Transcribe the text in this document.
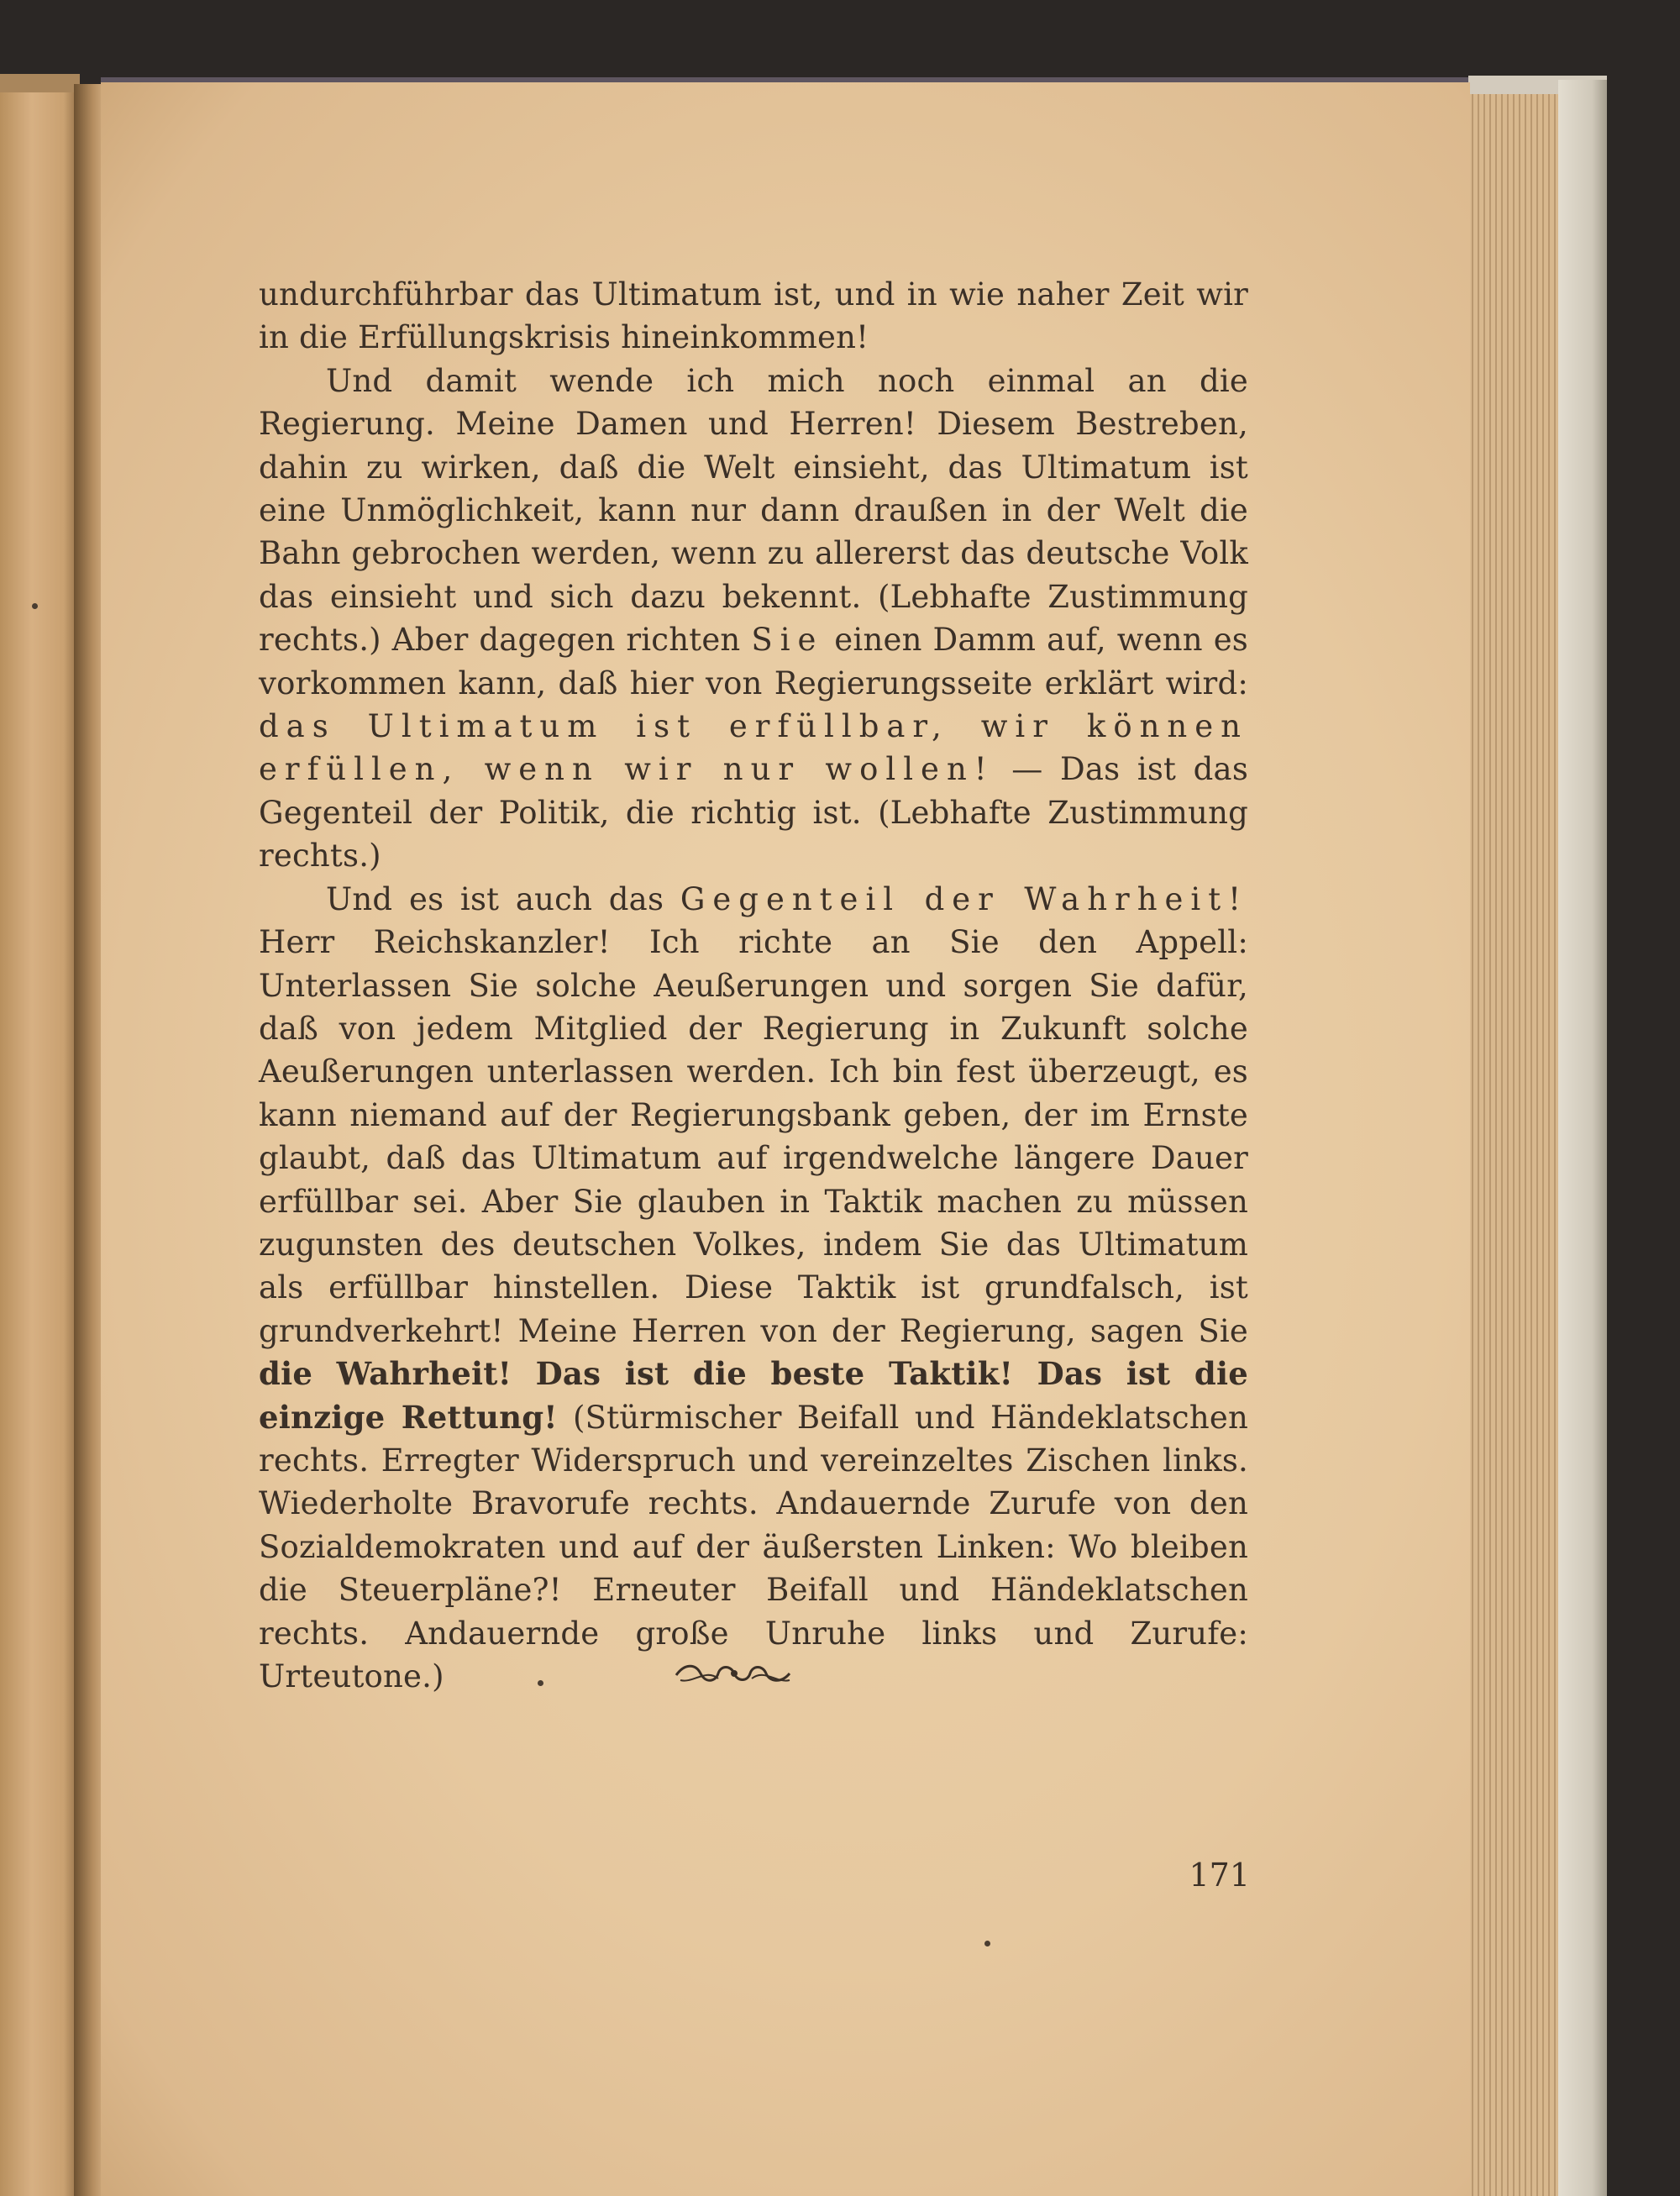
undurchführbar das Ultimatum ist, und in wie naher Zeit wir in die Erfüllungskrisis hineinkommen!

Und damit wende ich mich noch einmal an die Regierung. Meine Damen und Herren! Diesem Bestreben, dahin zu wirken, daß die Welt einsieht, das Ultimatum ist eine Unmöglichkeit, kann nur dann draußen in der Welt die Bahn gebrochen werden, wenn zu allererst das deutsche Volk das einsieht und sich dazu bekennt. (Lebhafte Zustimmung rechts.) Aber dagegen richten Sie einen Damm auf, wenn es vorkommen kann, daß hier von Regierungsseite erklärt wird: das Ultimatum ist erfüllbar, wir können erfüllen, wenn wir nur wollen! — Das ist das Gegenteil der Politik, die richtig ist. (Lebhafte Zustimmung rechts.)

Und es ist auch das Gegenteil der Wahrheit! Herr Reichskanzler! Ich richte an Sie den Appell: Unterlassen Sie solche Aeußerungen und sorgen Sie dafür, daß von jedem Mitglied der Regierung in Zukunft solche Aeußerungen unterlassen werden. Ich bin fest überzeugt, es kann niemand auf der Regierungsbank geben, der im Ernste glaubt, daß das Ultimatum auf irgendwelche längere Dauer erfüllbar sei. Aber Sie glauben in Taktik machen zu müssen zugunsten des deutschen Volkes, indem Sie das Ultimatum als erfüllbar hinstellen. Diese Taktik ist grundfalsch, ist grundverkehrt! Meine Herren von der Regierung, sagen Sie die Wahrheit! Das ist die beste Taktik! Das ist die einzige Rettung! (Stürmischer Beifall und Händeklatschen rechts. Erregter Widerspruch und vereinzeltes Zischen links. Wiederholte Bravorufe rechts. Andauernde Zurufe von den Sozialdemokraten und auf der äußersten Linken: Wo bleiben die Steuerpläne?! Erneuter Beifall und Händeklatschen rechts. Andauernde große Unruhe links und Zurufe: Urteutone.)

171
